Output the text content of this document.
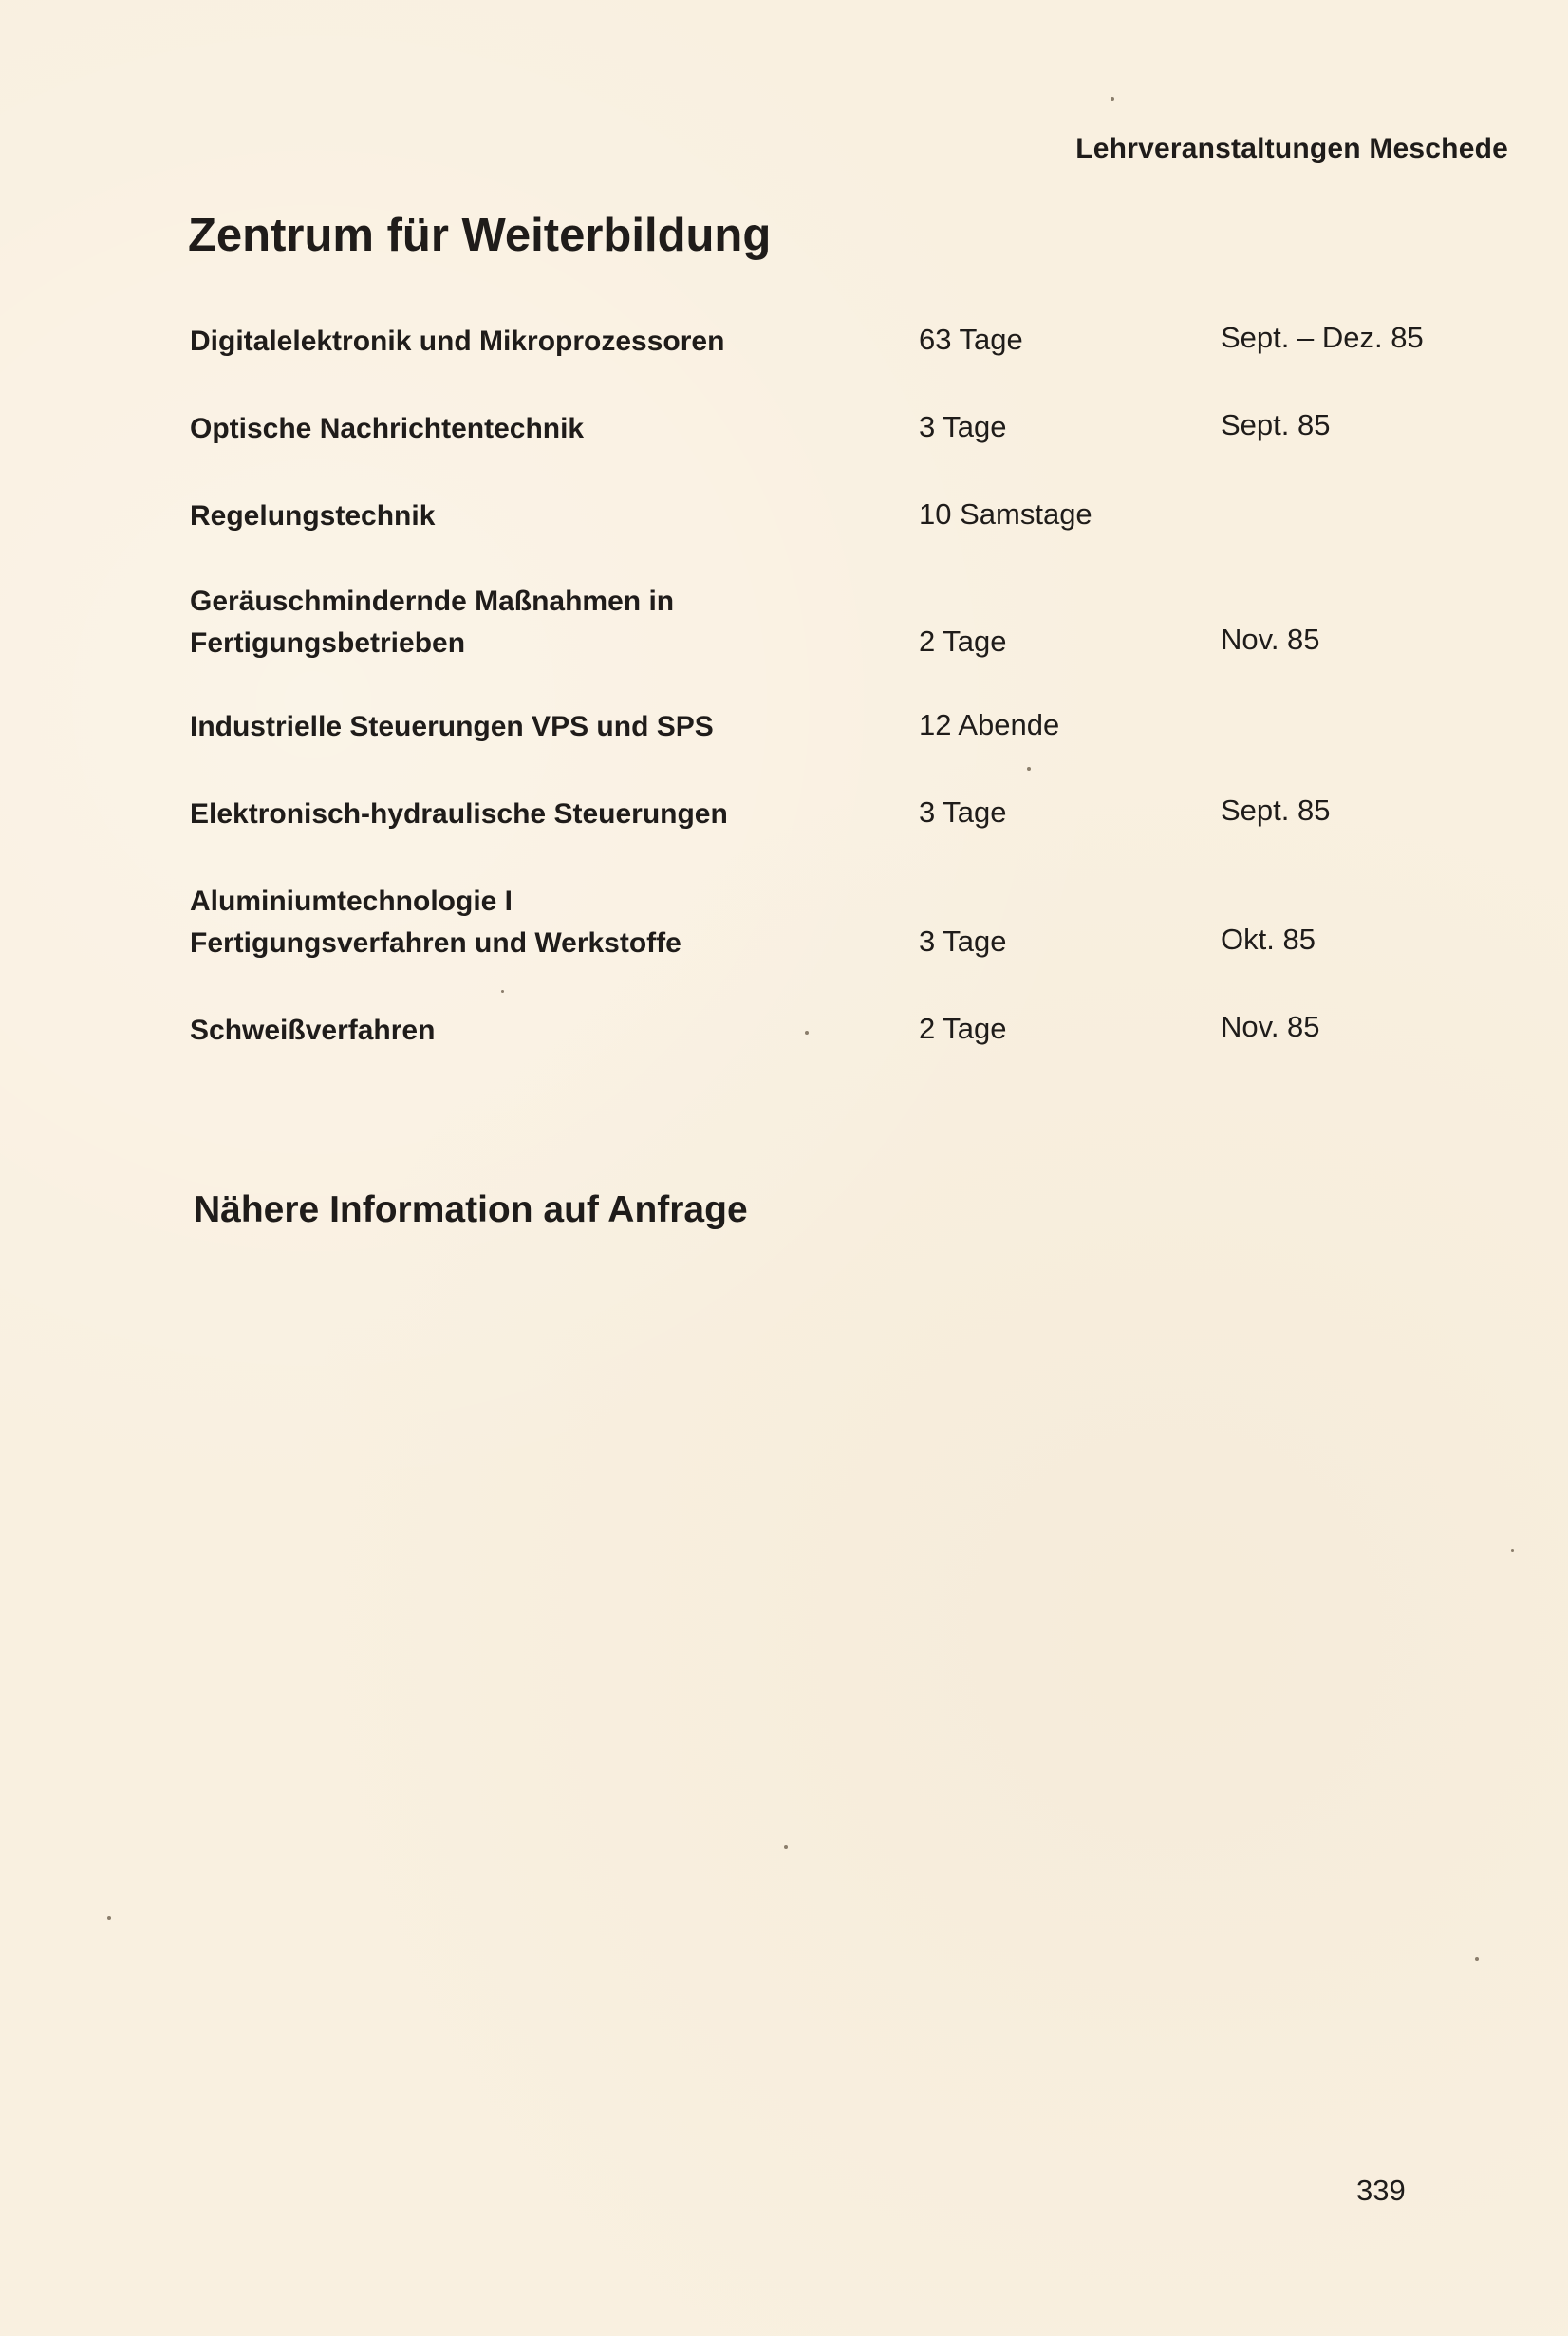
Lehrveranstaltungen Meschede
Zentrum für Weiterbildung
Digitalelektronik und Mikroprozessoren	63 Tage	Sept. – Dez. 85
Optische Nachrichtentechnik	3 Tage	Sept. 85
Regelungstechnik	10 Samstage
Geräuschmindernde Maßnahmen in
Fertigungsbetrieben	2 Tage	Nov. 85
Industrielle Steuerungen VPS und SPS	12 Abende
Elektronisch-hydraulische Steuerungen	3 Tage	Sept. 85
Aluminiumtechnologie I
Fertigungsverfahren und Werkstoffe	3 Tage	Okt. 85
Schweißverfahren	2 Tage	Nov. 85

Nähere Information auf Anfrage

339
